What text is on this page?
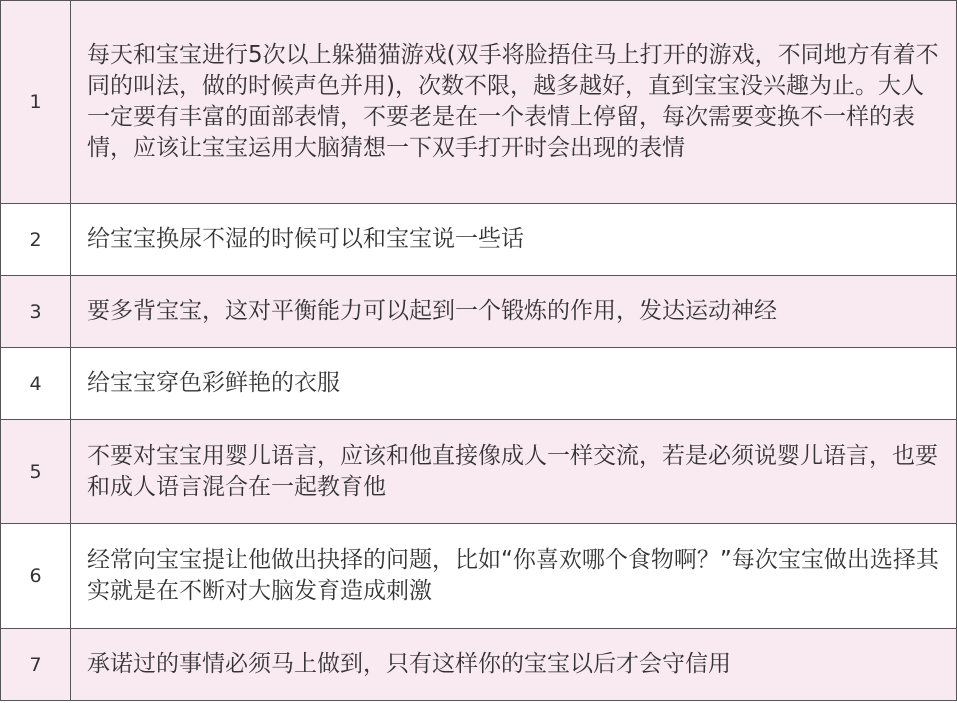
1	每天和宝宝进行5次以上躲猫猫游戏(双手将脸捂住马上打开的游戏，不同地方有着不同的叫法，做的时候声色并用)，次数不限，越多越好，直到宝宝没兴趣为止。大人一定要有丰富的面部表情，不要老是在一个表情上停留，每次需要变换不一样的表情，应该让宝宝运用大脑猜想一下双手打开时会出现的表情
2	给宝宝换尿不湿的时候可以和宝宝说一些话
3	要多背宝宝，这对平衡能力可以起到一个锻炼的作用，发达运动神经
4	给宝宝穿色彩鲜艳的衣服
5	不要对宝宝用婴儿语言，应该和他直接像成人一样交流，若是必须说婴儿语言，也要和成人语言混合在一起教育他
6	经常向宝宝提让他做出抉择的问题，比如“你喜欢哪个食物啊？”每次宝宝做出选择其实就是在不断对大脑发育造成刺激
7	承诺过的事情必须马上做到，只有这样你的宝宝以后才会守信用
